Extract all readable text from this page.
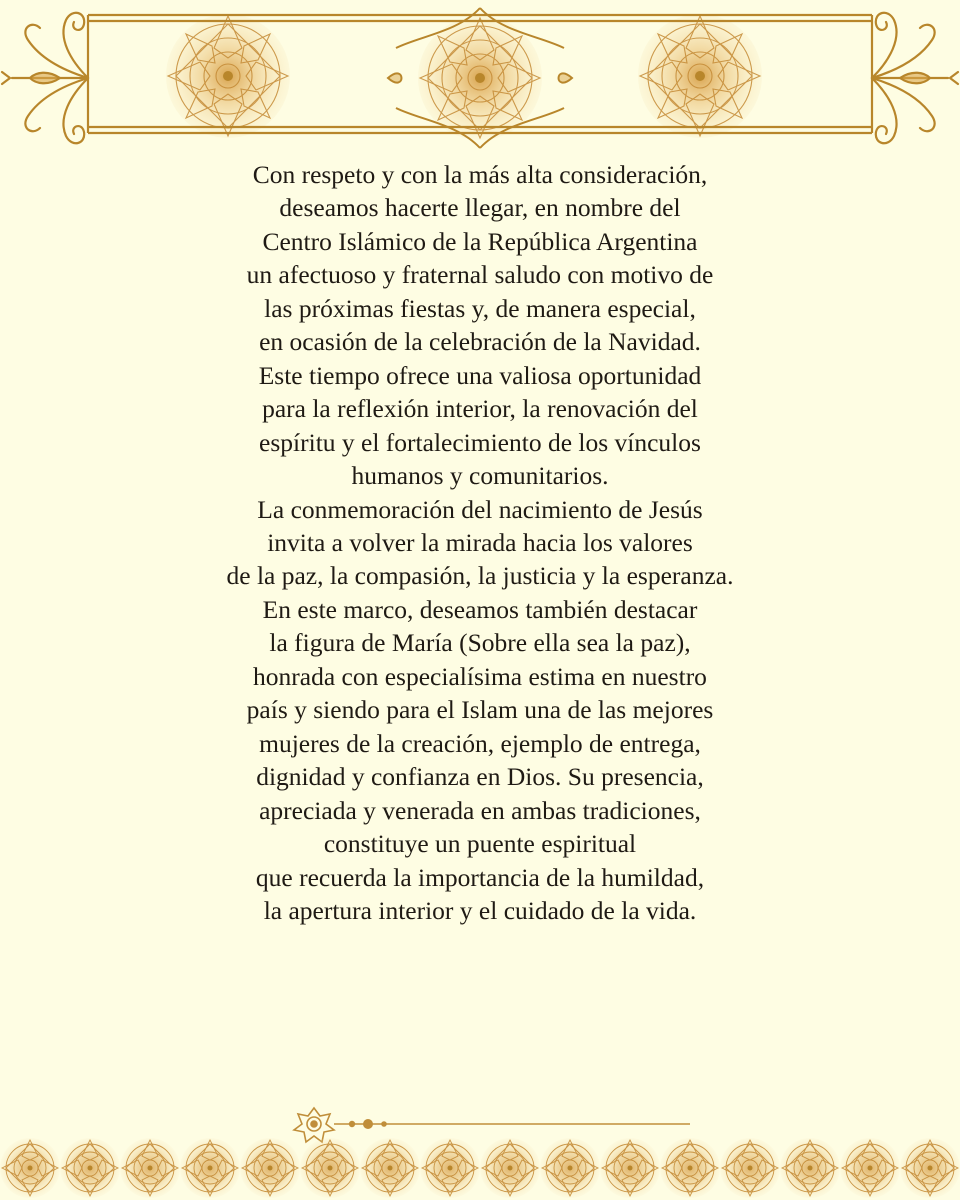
Con respeto y con la más alta consideración,
deseamos hacerte llegar, en nombre del
Centro Islámico de la República Argentina
un afectuoso y fraternal saludo con motivo de
las próximas fiestas y, de manera especial,
en ocasión de la celebración de la Navidad.
Este tiempo ofrece una valiosa oportunidad
para la reflexión interior, la renovación del
espíritu y el fortalecimiento de los vínculos
humanos y comunitarios.
La conmemoración del nacimiento de Jesús
invita a volver la mirada hacia los valores
de la paz, la compasión, la justicia y la esperanza.
En este marco, deseamos también destacar
la figura de María (Sobre ella sea la paz),
honrada con especialísima estima en nuestro
país y siendo para el Islam una de las mejores
mujeres de la creación, ejemplo de entrega,
dignidad y confianza en Dios. Su presencia,
apreciada y venerada en ambas tradiciones,
constituye un puente espiritual
que recuerda la importancia de la humildad,
la apertura interior y el cuidado de la vida.
